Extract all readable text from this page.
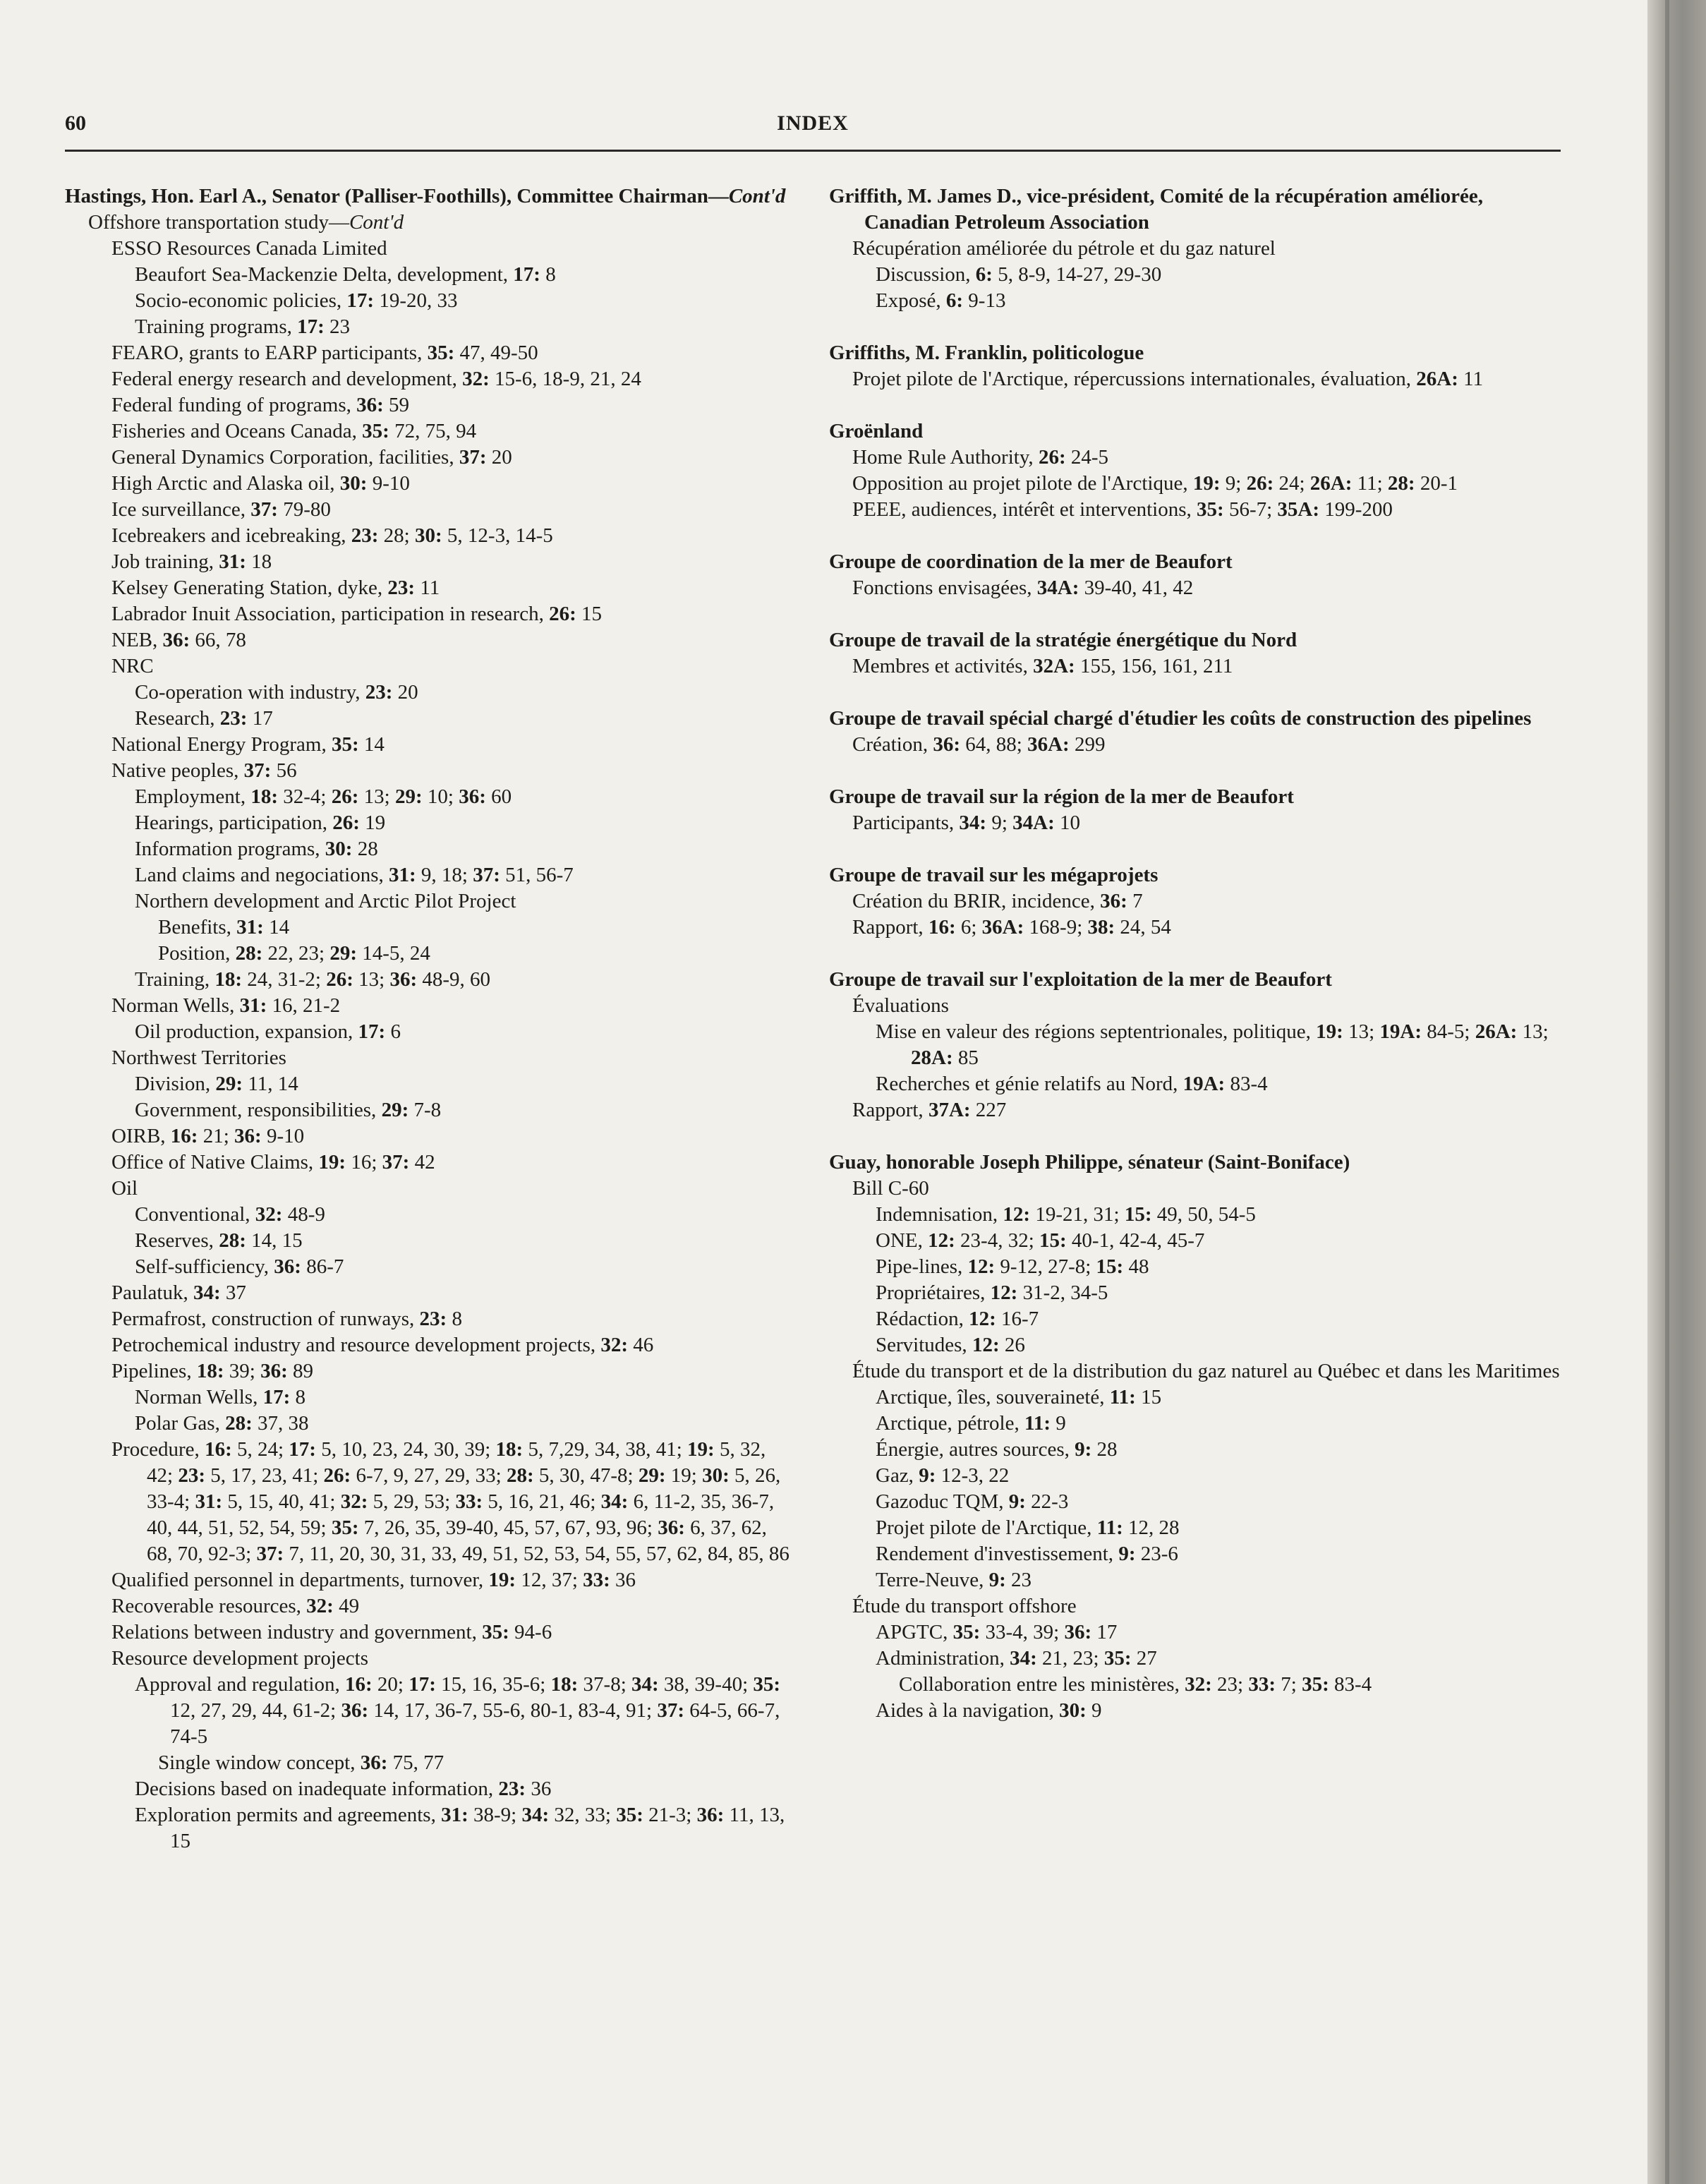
60	INDEX
Hastings, Hon. Earl A., Senator (Palliser-Foothills), Committee Chairman—Cont'd
Offshore transportation study—Cont'd
ESSO Resources Canada Limited
Beaufort Sea-Mackenzie Delta, development, 17: 8
Socio-economic policies, 17: 19-20, 33
Training programs, 17: 23
FEARO, grants to EARP participants, 35: 47, 49-50
Federal energy research and development, 32: 15-6, 18-9, 21, 24
Federal funding of programs, 36: 59
Fisheries and Oceans Canada, 35: 72, 75, 94
General Dynamics Corporation, facilities, 37: 20
High Arctic and Alaska oil, 30: 9-10
Ice surveillance, 37: 79-80
Icebreakers and icebreaking, 23: 28; 30: 5, 12-3, 14-5
Job training, 31: 18
Kelsey Generating Station, dyke, 23: 11
Labrador Inuit Association, participation in research, 26: 15
NEB, 36: 66, 78
NRC
Co-operation with industry, 23: 20
Research, 23: 17
National Energy Program, 35: 14
Native peoples, 37: 56
Employment, 18: 32-4; 26: 13; 29: 10; 36: 60
Hearings, participation, 26: 19
Information programs, 30: 28
Land claims and negociations, 31: 9, 18; 37: 51, 56-7
Northern development and Arctic Pilot Project
Benefits, 31: 14
Position, 28: 22, 23; 29: 14-5, 24
Training, 18: 24, 31-2; 26: 13; 36: 48-9, 60
Norman Wells, 31: 16, 21-2
Oil production, expansion, 17: 6
Northwest Territories
Division, 29: 11, 14
Government, responsibilities, 29: 7-8
OIRB, 16: 21; 36: 9-10
Office of Native Claims, 19: 16; 37: 42
Oil
Conventional, 32: 48-9
Reserves, 28: 14, 15
Self-sufficiency, 36: 86-7
Paulatuk, 34: 37
Permafrost, construction of runways, 23: 8
Petrochemical industry and resource development projects, 32: 46
Pipelines, 18: 39; 36: 89
Norman Wells, 17: 8
Polar Gas, 28: 37, 38
Procedure, 16: 5, 24; 17: 5, 10, 23, 24, 30, 39; 18: 5, 7,29, 34, 38, 41; 19: 5, 32, 42; 23: 5, 17, 23, 41; 26: 6-7, 9, 27, 29, 33; 28: 5, 30, 47-8; 29: 19; 30: 5, 26, 33-4; 31: 5, 15, 40, 41; 32: 5, 29, 53; 33: 5, 16, 21, 46; 34: 6, 11-2, 35, 36-7, 40, 44, 51, 52, 54, 59; 35: 7, 26, 35, 39-40, 45, 57, 67, 93, 96; 36: 6, 37, 62, 68, 70, 92-3; 37: 7, 11, 20, 30, 31, 33, 49, 51, 52, 53, 54, 55, 57, 62, 84, 85, 86
Qualified personnel in departments, turnover, 19: 12, 37; 33: 36
Recoverable resources, 32: 49
Relations between industry and government, 35: 94-6
Resource development projects
Approval and regulation, 16: 20; 17: 15, 16, 35-6; 18: 37-8; 34: 38, 39-40; 35: 12, 27, 29, 44, 61-2; 36: 14, 17, 36-7, 55-6, 80-1, 83-4, 91; 37: 64-5, 66-7, 74-5
Single window concept, 36: 75, 77
Decisions based on inadequate information, 23: 36
Exploration permits and agreements, 31: 38-9; 34: 32, 33; 35: 21-3; 36: 11, 13, 15
Griffith, M. James D., vice-président, Comité de la récupération améliorée, Canadian Petroleum Association
Récupération améliorée du pétrole et du gaz naturel
Discussion, 6: 5, 8-9, 14-27, 29-30
Exposé, 6: 9-13
Griffiths, M. Franklin, politicologue
Projet pilote de l'Arctique, répercussions internationales, évaluation, 26A: 11
Groënland
Home Rule Authority, 26: 24-5
Opposition au projet pilote de l'Arctique, 19: 9; 26: 24; 26A: 11; 28: 20-1
PEEE, audiences, intérêt et interventions, 35: 56-7; 35A: 199-200
Groupe de coordination de la mer de Beaufort
Fonctions envisagées, 34A: 39-40, 41, 42
Groupe de travail de la stratégie énergétique du Nord
Membres et activités, 32A: 155, 156, 161, 211
Groupe de travail spécial chargé d'étudier les coûts de construction des pipelines
Création, 36: 64, 88; 36A: 299
Groupe de travail sur la région de la mer de Beaufort
Participants, 34: 9; 34A: 10
Groupe de travail sur les mégaprojets
Création du BRIR, incidence, 36: 7
Rapport, 16: 6; 36A: 168-9; 38: 24, 54
Groupe de travail sur l'exploitation de la mer de Beaufort
Évaluations
Mise en valeur des régions septentrionales, politique, 19: 13; 19A: 84-5; 26A: 13; 28A: 85
Recherches et génie relatifs au Nord, 19A: 83-4
Rapport, 37A: 227
Guay, honorable Joseph Philippe, sénateur (Saint-Boniface)
Bill C-60
Indemnisation, 12: 19-21, 31; 15: 49, 50, 54-5
ONE, 12: 23-4, 32; 15: 40-1, 42-4, 45-7
Pipe-lines, 12: 9-12, 27-8; 15: 48
Propriétaires, 12: 31-2, 34-5
Rédaction, 12: 16-7
Servitudes, 12: 26
Étude du transport et de la distribution du gaz naturel au Québec et dans les Maritimes
Arctique, îles, souveraineté, 11: 15
Arctique, pétrole, 11: 9
Énergie, autres sources, 9: 28
Gaz, 9: 12-3, 22
Gazoduc TQM, 9: 22-3
Projet pilote de l'Arctique, 11: 12, 28
Rendement d'investissement, 9: 23-6
Terre-Neuve, 9: 23
Étude du transport offshore
APGTC, 35: 33-4, 39; 36: 17
Administration, 34: 21, 23; 35: 27
Collaboration entre les ministères, 32: 23; 33: 7; 35: 83-4
Aides à la navigation, 30: 9
